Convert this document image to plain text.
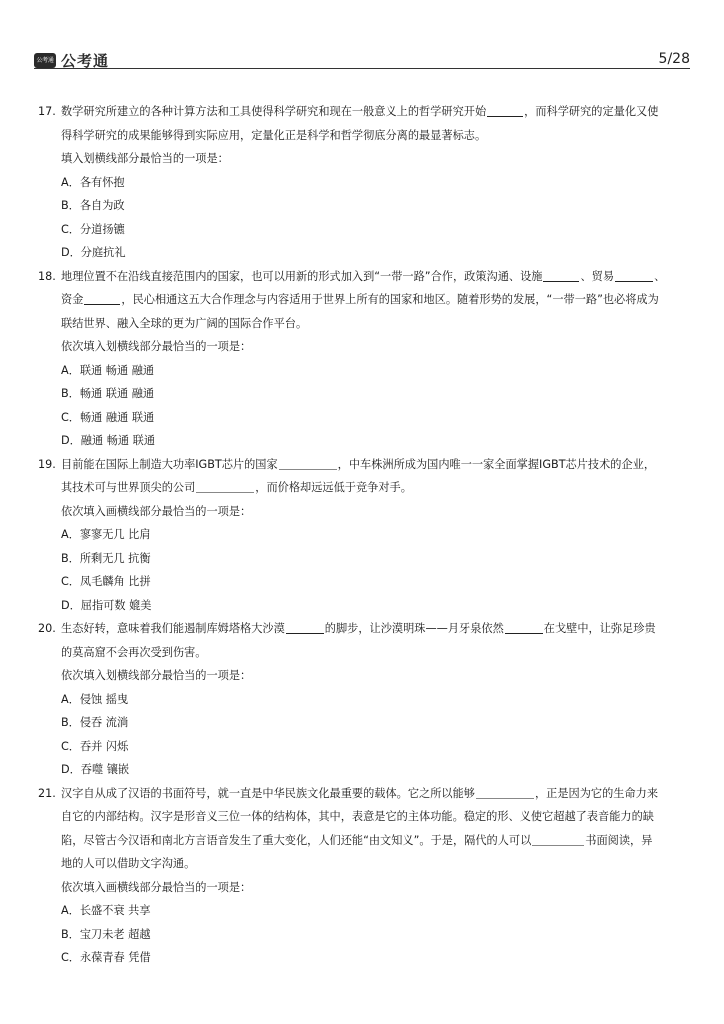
公考通 公考通	5/28
17. 数学研究所建立的各种计算方法和工具使得科学研究和现在一般意义上的哲学研究开始	，而科学研究的定量化又使
得科学研究的成果能够得到实际应用，定量化正是科学和哲学彻底分离的最显著标志。
填入划横线部分最恰当的一项是：
A．各有怀抱
B．各自为政
C．分道扬镳
D．分庭抗礼
18. 地理位置不在沿线直接范围内的国家，也可以用新的形式加入到“一带一路”合作，政策沟通、设施	、贸易	、
资金	，民心相通这五大合作理念与内容适用于世界上所有的国家和地区。随着形势的发展，“一带一路”也必将成为
联结世界、融入全球的更为广阔的国际合作平台。
依次填入划横线部分最恰当的一项是：
A．联通 畅通 融通
B．畅通 联通 融通
C．畅通 融通 联通
D．融通 畅通 联通
19. 目前能在国际上制造大功率IGBT芯片的国家	，中车株洲所成为国内唯一一家全面掌握IGBT芯片技术的企业，
其技术可与世界顶尖的公司	，而价格却远远低于竞争对手。
依次填入画横线部分最恰当的一项是：
A．寥寥无几 比肩
B．所剩无几 抗衡
C．凤毛麟角 比拼
D．屈指可数 媲美
20. 生态好转，意味着我们能遏制库姆塔格大沙漠	的脚步，让沙漠明珠——月牙泉依然	在戈壁中，让弥足珍贵
的莫高窟不会再次受到伤害。
依次填入划横线部分最恰当的一项是：
A．侵蚀 摇曳
B．侵吞 流淌
C．吞并 闪烁
D．吞噬 镶嵌
21. 汉字自从成了汉语的书面符号，就一直是中华民族文化最重要的载体。它之所以能够	，正是因为它的生命力来
自它的内部结构。汉字是形音义三位一体的结构体，其中，表意是它的主体功能。稳定的形、义使它超越了表音能力的缺
陷，尽管古今汉语和南北方言语音发生了重大变化，人们还能“由文知义”。于是，隔代的人可以	书面阅读，异
地的人可以借助文字沟通。
依次填入画横线部分最恰当的一项是：
A．长盛不衰 共享
B．宝刀未老 超越
C．永葆青春 凭借
